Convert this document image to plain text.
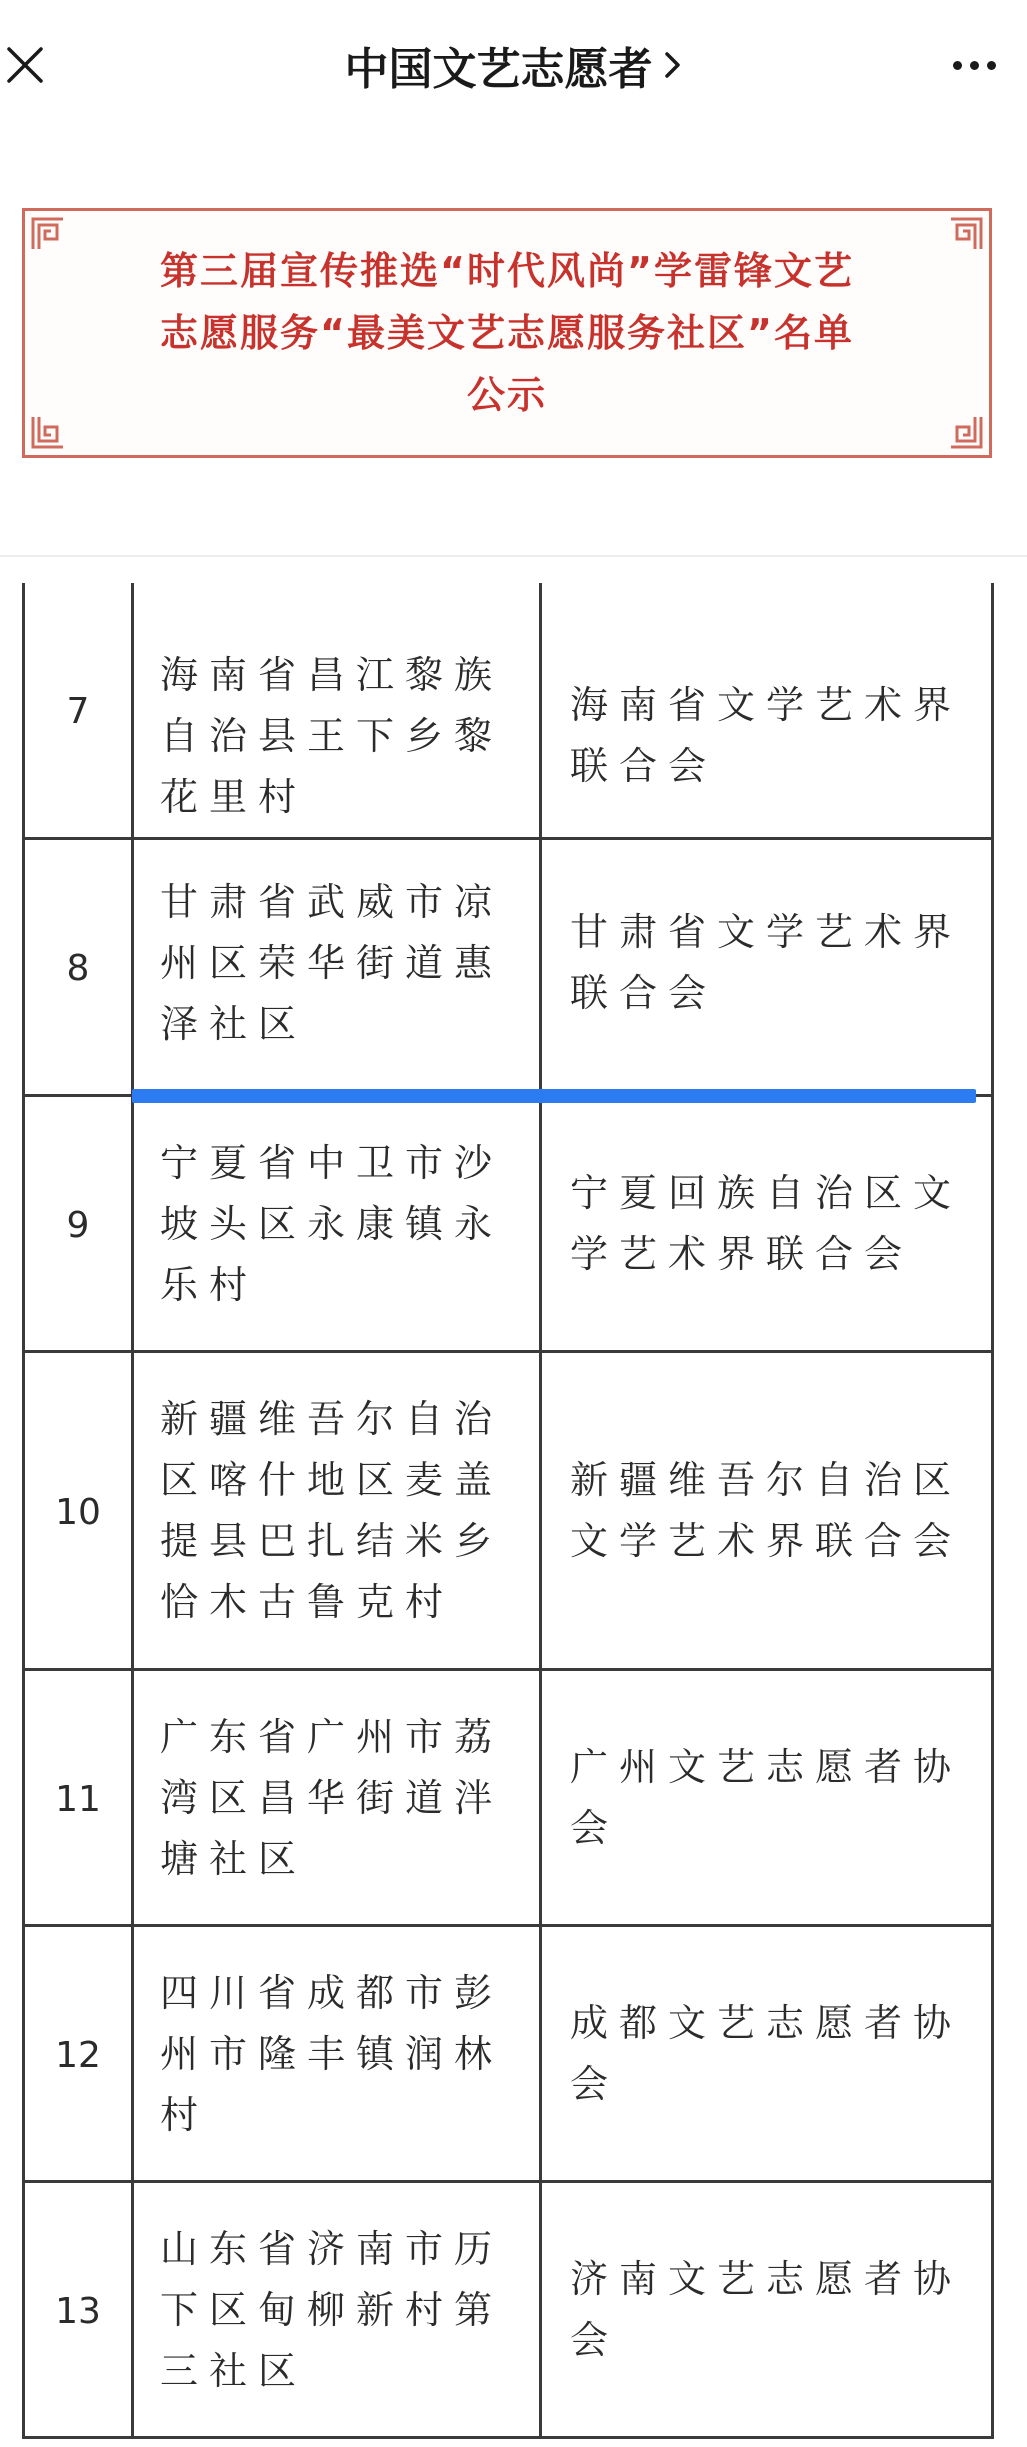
中国文艺志愿者
第三届宣传推选“时代风尚”学雷锋文艺
志愿服务“最美文艺志愿服务社区”名单
公示
7
海南省昌江黎族自治县王下乡黎花里村
海南省文学艺术界联合会
8
甘肃省武威市凉州区荣华街道惠泽社区
甘肃省文学艺术界联合会
9
宁夏省中卫市沙坡头区永康镇永乐村
宁夏回族自治区文学艺术界联合会
10
新疆维吾尔自治区喀什地区麦盖提县巴扎结米乡恰木古鲁克村
新疆维吾尔自治区文学艺术界联合会
11
广东省广州市荔湾区昌华街道泮塘社区
广州文艺志愿者协会
12
四川省成都市彭州市隆丰镇润林村
成都文艺志愿者协会
13
山东省济南市历下区甸柳新村第三社区
济南文艺志愿者协会
